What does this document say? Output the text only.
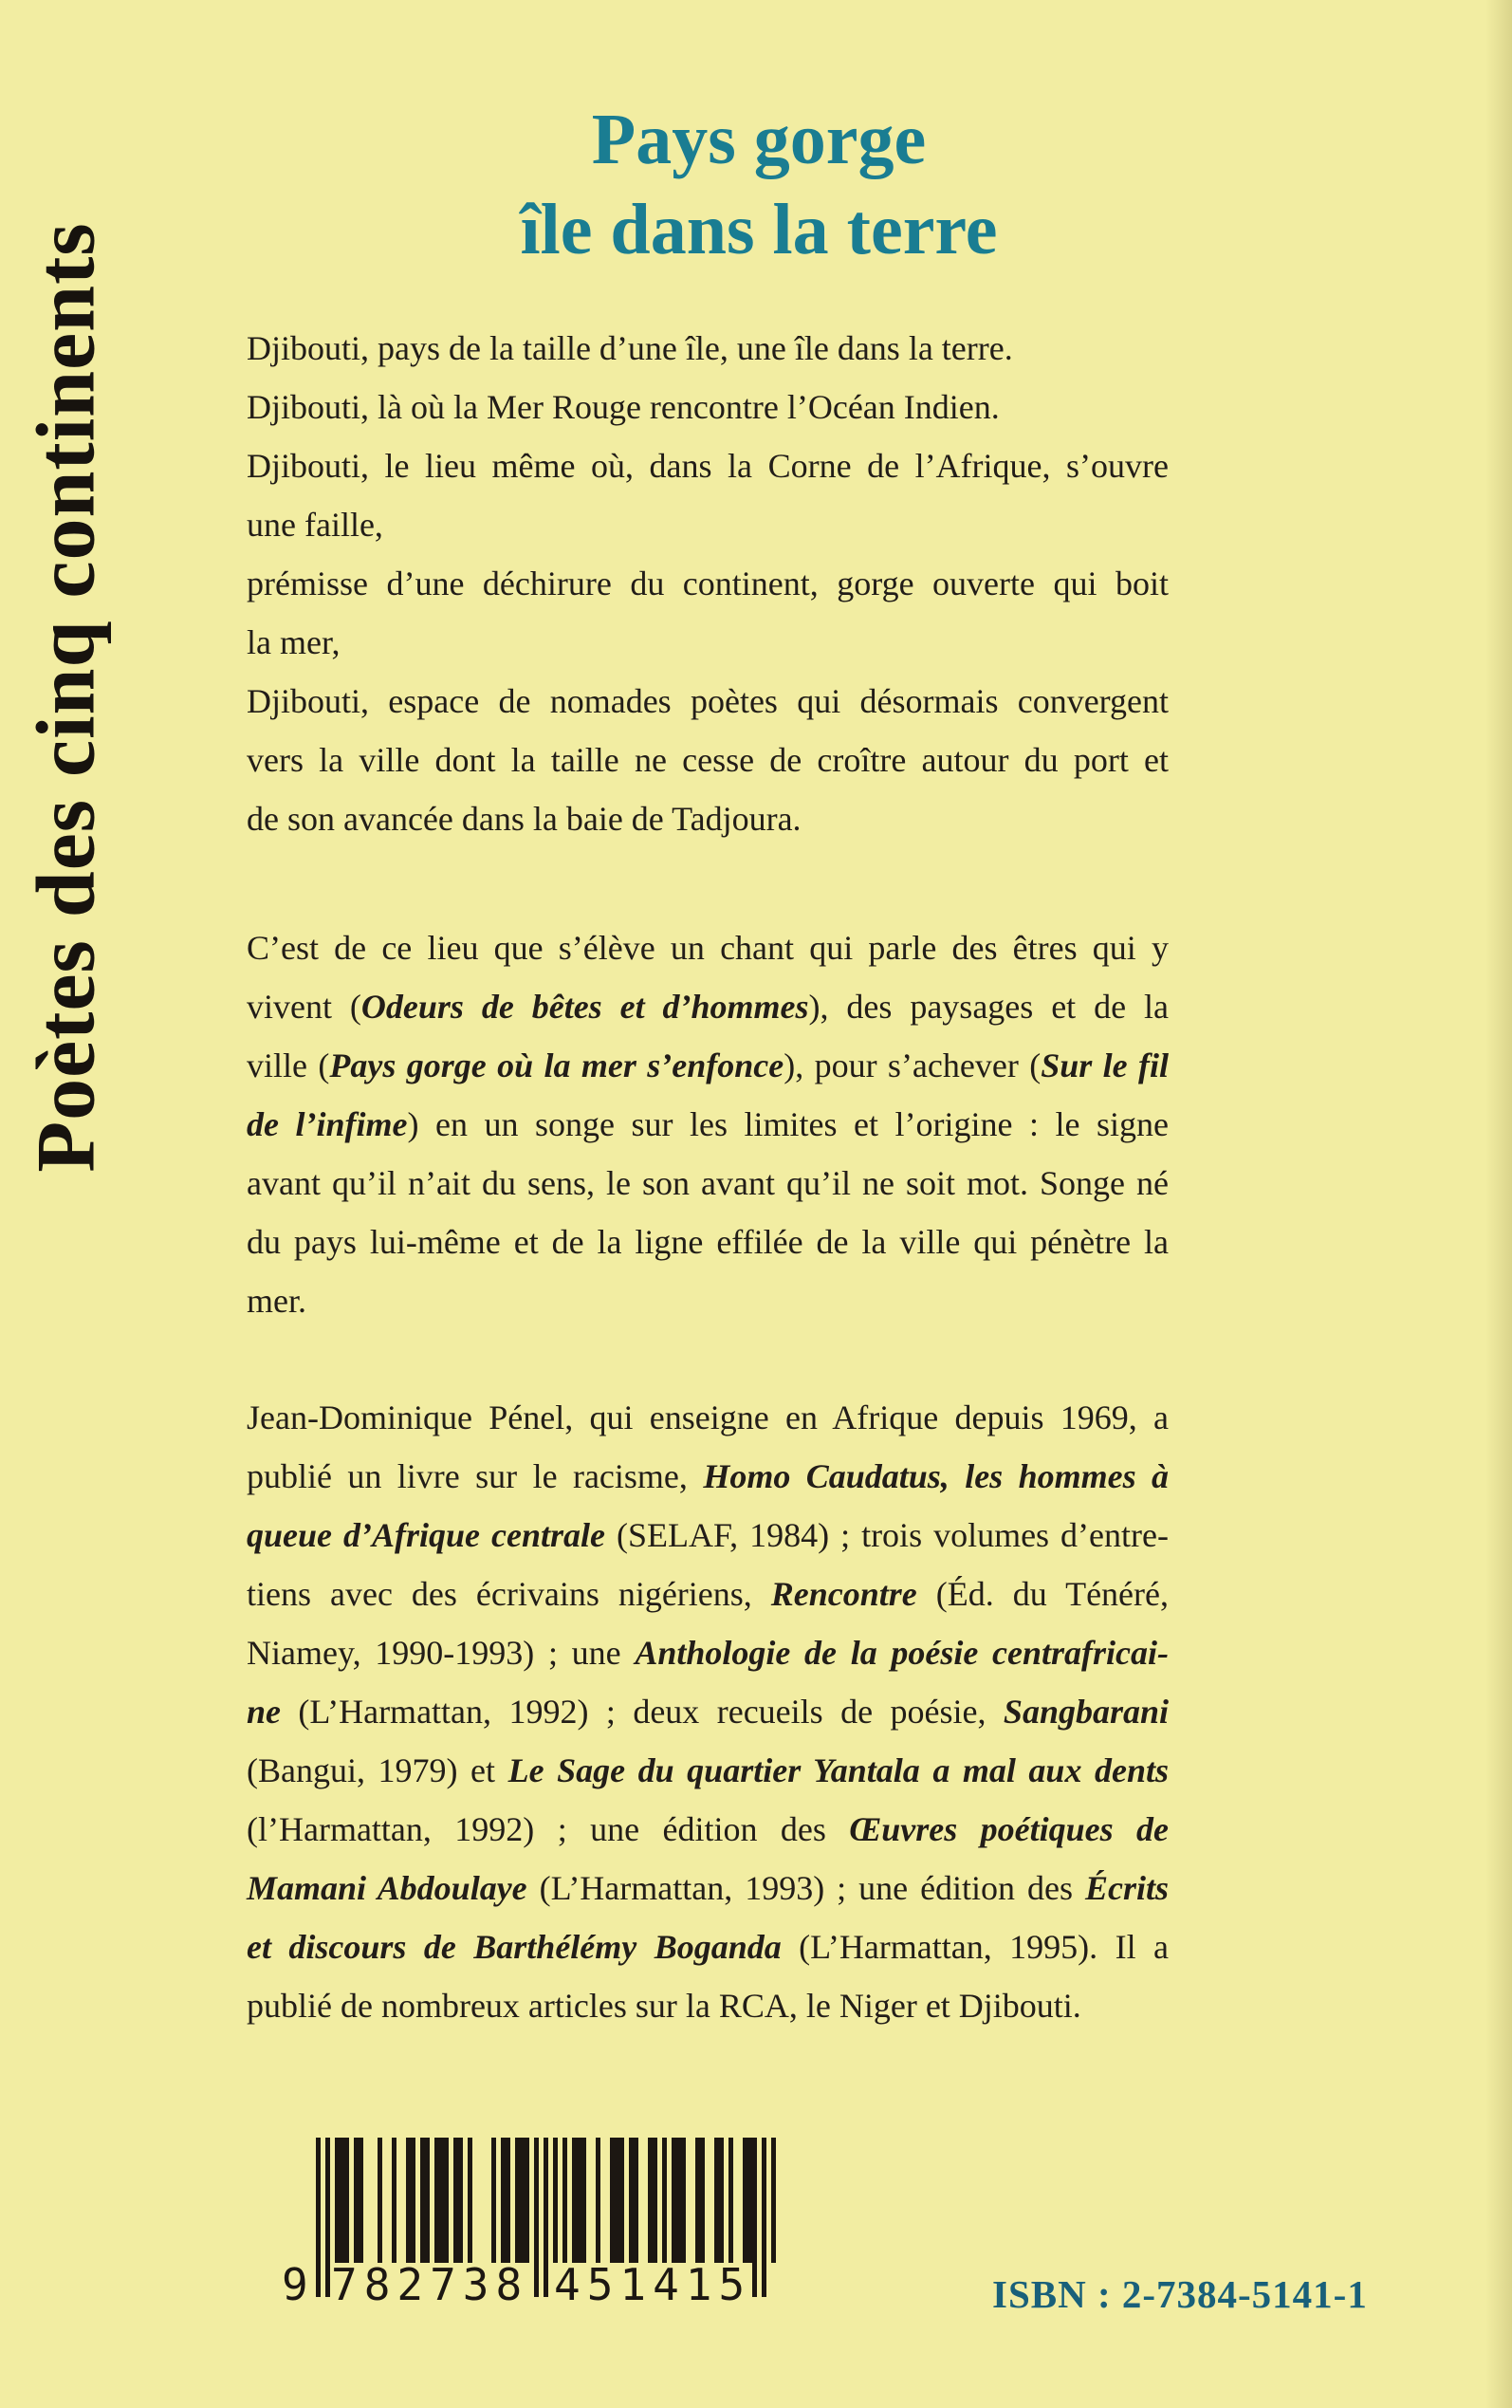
Poètes des cinq continents
Pays gorge
île dans la terre
Djibouti, pays de la taille d’une île, une île dans la terre.
Djibouti, là où la Mer Rouge rencontre l’Océan Indien.
Djibouti, le lieu même où, dans la Corne de l’Afrique, s’ouvre
une faille,
prémisse d’une déchirure du continent, gorge ouverte qui boit
la mer,
Djibouti, espace de nomades poètes qui désormais convergent
vers la ville dont la taille ne cesse de croître autour du port et
de son avancée dans la baie de Tadjoura.
C’est de ce lieu que s’élève un chant qui parle des êtres qui y
vivent (Odeurs de bêtes et d’hommes), des paysages et de la
ville (Pays gorge où la mer s’enfonce), pour s’achever (Sur le fil
de l’infime) en un songe sur les limites et l’origine : le signe
avant qu’il n’ait du sens, le son avant qu’il ne soit mot. Songe né
du pays lui-même et de la ligne effilée de la ville qui pénètre la
mer.
Jean-Dominique Pénel, qui enseigne en Afrique depuis 1969, a
publié un livre sur le racisme, Homo Caudatus, les hommes à
queue d’Afrique centrale (SELAF, 1984) ; trois volumes d’entre-
tiens avec des écrivains nigériens, Rencontre (Éd. du Ténéré,
Niamey, 1990-1993) ; une Anthologie de la poésie centrafricai-
ne (L’Harmattan, 1992) ; deux recueils de poésie, Sangbarani
(Bangui, 1979) et Le Sage du quartier Yantala a mal aux dents
(l’Harmattan, 1992) ; une édition des Œuvres poétiques de
Mamani Abdoulaye (L’Harmattan, 1993) ; une édition des Écrits
et discours de Barthélémy Boganda (L’Harmattan, 1995). Il a
publié de nombreux articles sur la RCA, le Niger et Djibouti.
9 782738 451415	ISBN : 2-7384-5141-1
